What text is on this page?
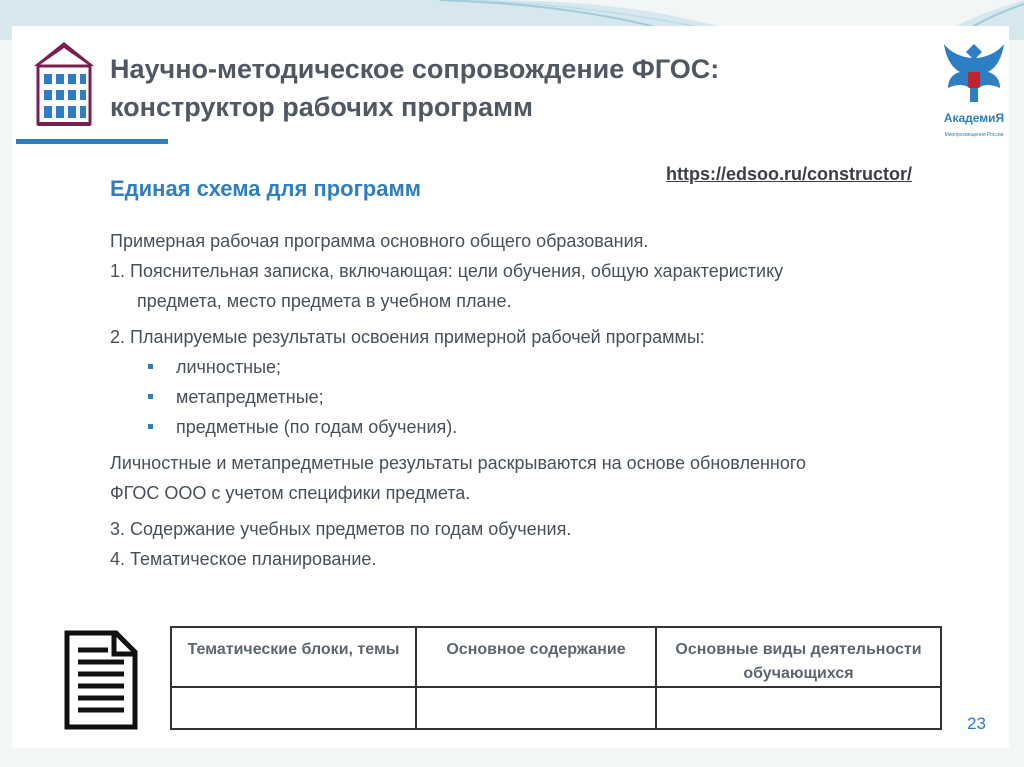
Научно-методическое сопровождение ФГОС:
конструктор рабочих программ	АкадемиЯ
Минпросвещения России
https://edsoo.ru/constructor/
Единая схема для программ
Примерная рабочая программа основного общего образования.
1. Пояснительная записка, включающая: цели обучения, общую характеристику
предмета, место предмета в учебном плане.
2. Планируемые результаты освоения примерной рабочей программы:
личностные;
метапредметные;
предметные (по годам обучения).
Личностные и метапредметные результаты раскрываются на основе обновленного
ФГОС ООО с учетом специфики предмета.
3. Содержание учебных предметов по годам обучения.
4. Тематическое планирование.
Тематические блоки, темы	Основное содержание	Основные виды деятельности обучающихся

23
